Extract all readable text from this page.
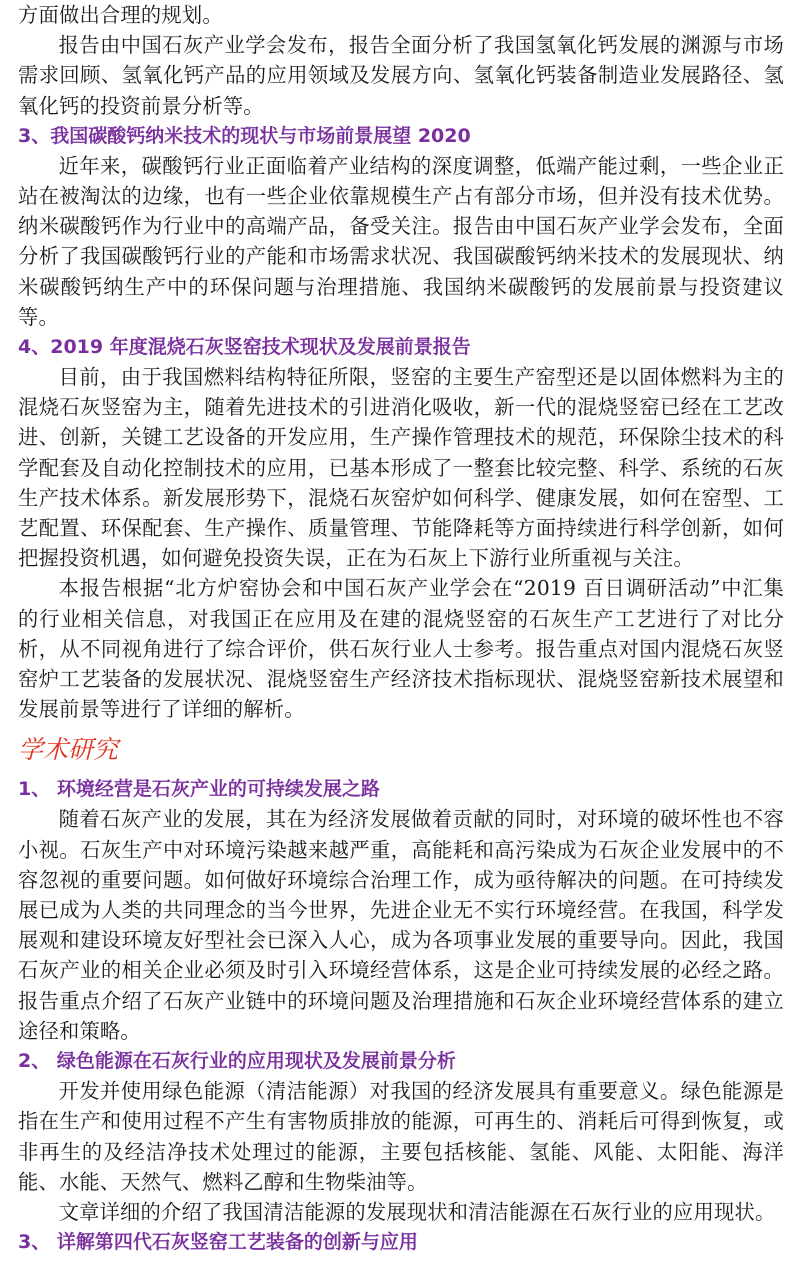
方面做出合理的规划。

报告由中国石灰产业学会发布，报告全面分析了我国氢氧化钙发展的渊源与市场需求回顾、氢氧化钙产品的应用领域及发展方向、氢氧化钙装备制造业发展路径、氢氧化钙的投资前景分析等。

3、我国碳酸钙纳米技术的现状与市场前景展望 2020

近年来，碳酸钙行业正面临着产业结构的深度调整，低端产能过剩，一些企业正站在被淘汰的边缘，也有一些企业依靠规模生产占有部分市场，但并没有技术优势。纳米碳酸钙作为行业中的高端产品，备受关注。报告由中国石灰产业学会发布，全面分析了我国碳酸钙行业的产能和市场需求状况、我国碳酸钙纳米技术的发展现状、纳米碳酸钙纳生产中的环保问题与治理措施、我国纳米碳酸钙的发展前景与投资建议等。

4、2019 年度混烧石灰竖窑技术现状及发展前景报告

目前，由于我国燃料结构特征所限，竖窑的主要生产窑型还是以固体燃料为主的混烧石灰竖窑为主，随着先进技术的引进消化吸收，新一代的混烧竖窑已经在工艺改进、创新，关键工艺设备的开发应用，生产操作管理技术的规范，环保除尘技术的科学配套及自动化控制技术的应用，已基本形成了一整套比较完整、科学、系统的石灰生产技术体系。新发展形势下，混烧石灰窑炉如何科学、健康发展，如何在窑型、工艺配置、环保配套、生产操作、质量管理、节能降耗等方面持续进行科学创新，如何把握投资机遇，如何避免投资失误，正在为石灰上下游行业所重视与关注。

本报告根据“北方炉窑协会和中国石灰产业学会在“2019 百日调研活动”中汇集的行业相关信息，对我国正在应用及在建的混烧竖窑的石灰生产工艺进行了对比分析，从不同视角进行了综合评价，供石灰行业人士参考。报告重点对国内混烧石灰竖窑炉工艺装备的发展状况、混烧竖窑生产经济技术指标现状、混烧竖窑新技术展望和发展前景等进行了详细的解析。

学术研究

1、 环境经营是石灰产业的可持续发展之路

随着石灰产业的发展，其在为经济发展做着贡献的同时，对环境的破坏性也不容小视。石灰生产中对环境污染越来越严重，高能耗和高污染成为石灰企业发展中的不容忽视的重要问题。如何做好环境综合治理工作，成为亟待解决的问题。在可持续发展已成为人类的共同理念的当今世界，先进企业无不实行环境经营。在我国，科学发展观和建设环境友好型社会已深入人心，成为各项事业发展的重要导向。因此，我国石灰产业的相关企业必须及时引入环境经营体系，这是企业可持续发展的必经之路。报告重点介绍了石灰产业链中的环境问题及治理措施和石灰企业环境经营体系的建立途径和策略。

2、 绿色能源在石灰行业的应用现状及发展前景分析

开发并使用绿色能源（清洁能源）对我国的经济发展具有重要意义。绿色能源是指在生产和使用过程不产生有害物质排放的能源，可再生的、消耗后可得到恢复，或非再生的及经洁净技术处理过的能源，主要包括核能、氢能、风能、太阳能、海洋能、水能、天然气、燃料乙醇和生物柴油等。

文章详细的介绍了我国清洁能源的发展现状和清洁能源在石灰行业的应用现状。

3、 详解第四代石灰竖窑工艺装备的创新与应用
